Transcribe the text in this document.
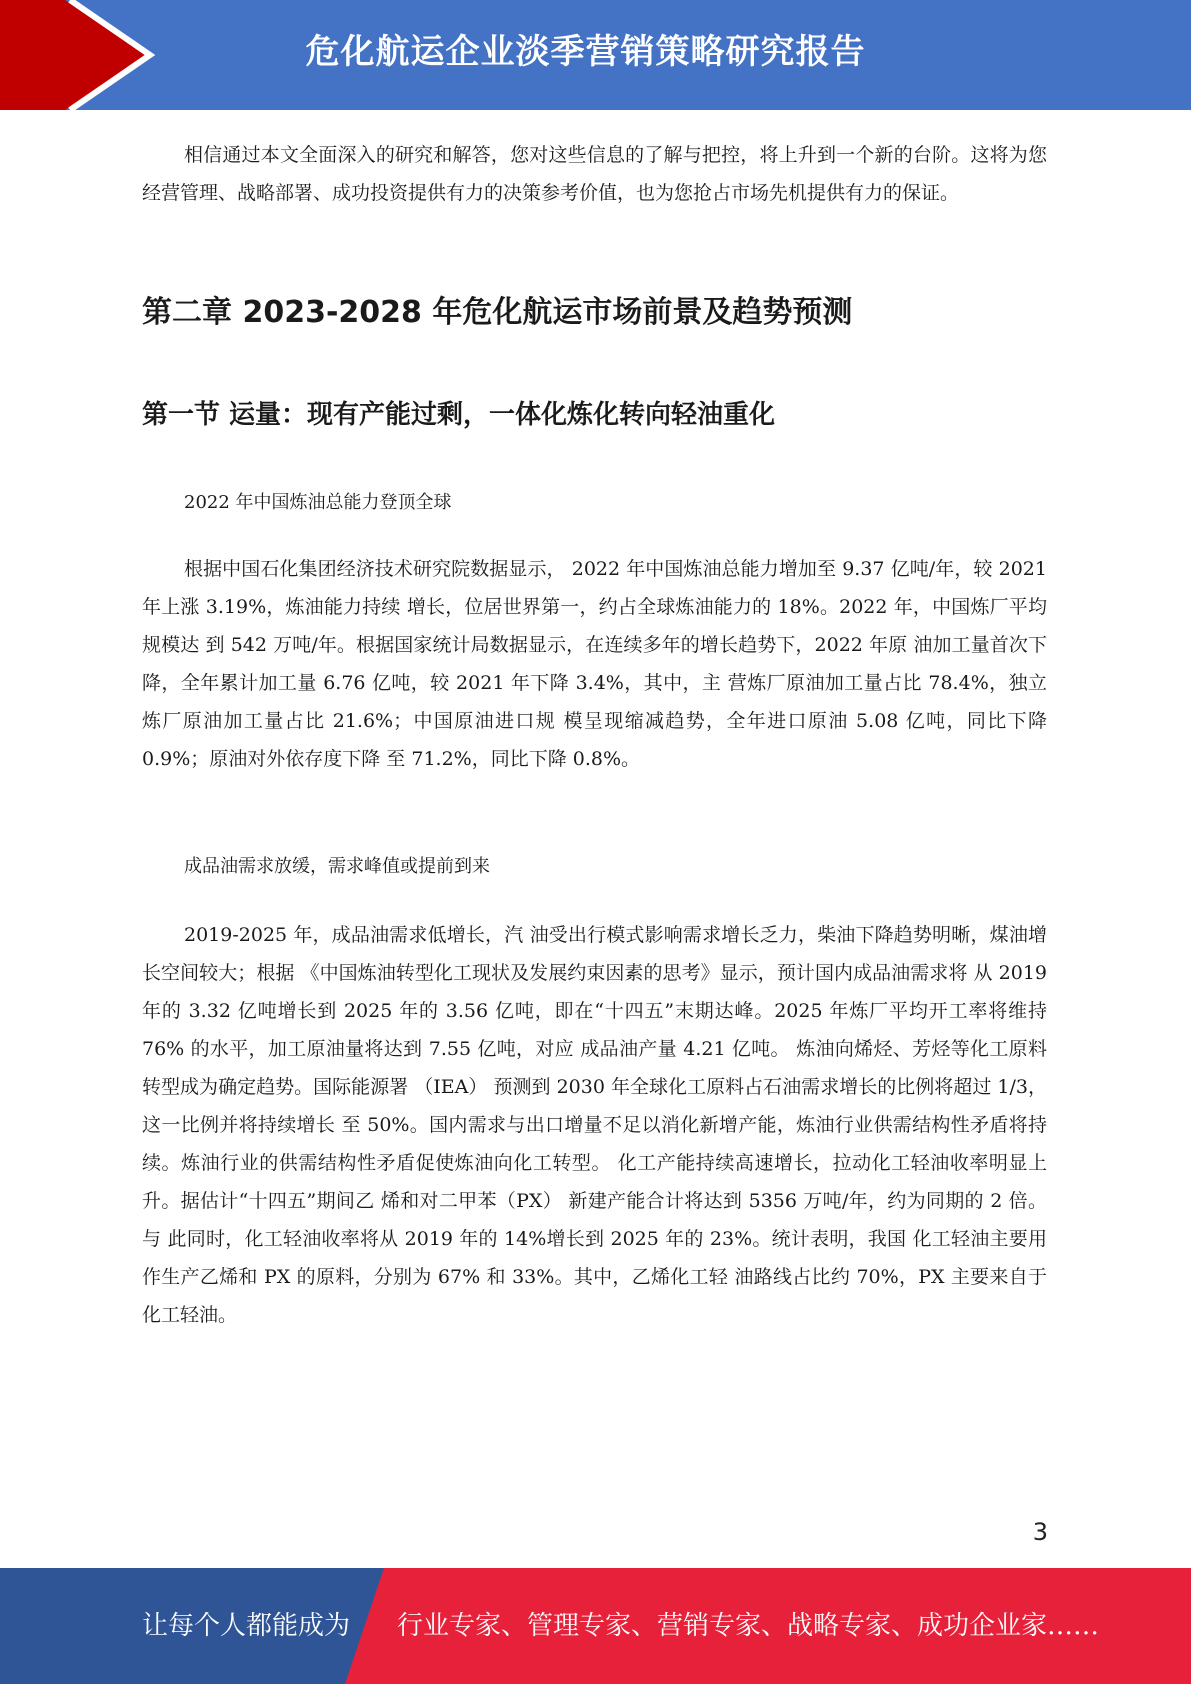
危化航运企业淡季营销策略研究报告

相信通过本文全面深入的研究和解答，您对这些信息的了解与把控，将上升到一个新的台阶。这将为您经营管理、战略部署、成功投资提供有力的决策参考价值，也为您抢占市场先机提供有力的保证。

第二章 2023-2028 年危化航运市场前景及趋势预测
第一节 运量：现有产能过剩，一体化炼化转向轻油重化

2022 年中国炼油总能力登顶全球

根据中国石化集团经济技术研究院数据显示， 2022 年中国炼油总能力增加至 9.37 亿吨/年，较 2021 年上涨 3.19%，炼油能力持续 增长，位居世界第一，约占全球炼油能力的 18%。2022 年，中国炼厂平均规模达 到 542 万吨/年。根据国家统计局数据显示，在连续多年的增长趋势下，2022 年原 油加工量首次下降，全年累计加工量 6.76 亿吨，较 2021 年下降 3.4%，其中，主 营炼厂原油加工量占比 78.4%，独立炼厂原油加工量占比 21.6%；中国原油进口规 模呈现缩减趋势，全年进口原油 5.08 亿吨，同比下降 0.9%；原油对外依存度下降 至 71.2%，同比下降 0.8%。

成品油需求放缓，需求峰值或提前到来

2019-2025 年，成品油需求低增长，汽 油受出行模式影响需求增长乏力，柴油下降趋势明晰，煤油增长空间较大；根据 《中国炼油转型化工现状及发展约束因素的思考》显示，预计国内成品油需求将 从 2019 年的 3.32 亿吨增长到 2025 年的 3.56 亿吨，即在“十四五”末期达峰。2025 年炼厂平均开工率将维持 76% 的水平，加工原油量将达到 7.55 亿吨，对应 成品油产量 4.21 亿吨。 炼油向烯烃、芳烃等化工原料转型成为确定趋势。国际能源署 （IEA） 预测到 2030 年全球化工原料占石油需求增长的比例将超过 1/3，这一比例并将持续增长 至 50%。国内需求与出口增量不足以消化新增产能，炼油行业供需结构性矛盾将持 续。炼油行业的供需结构性矛盾促使炼油向化工转型。 化工产能持续高速增长，拉动化工轻油收率明显上升。据估计“十四五”期间乙 烯和对二甲苯（PX） 新建产能合计将达到 5356 万吨/年，约为同期的 2 倍。与 此同时，化工轻油收率将从 2019 年的 14%增长到 2025 年的 23%。统计表明，我国 化工轻油主要用作生产乙烯和 PX 的原料，分别为 67% 和 33%。其中，乙烯化工轻 油路线占比约 70%，PX 主要来自于化工轻油。

3
让每个人都能成为 行业专家、管理专家、营销专家、战略专家、成功企业家……
